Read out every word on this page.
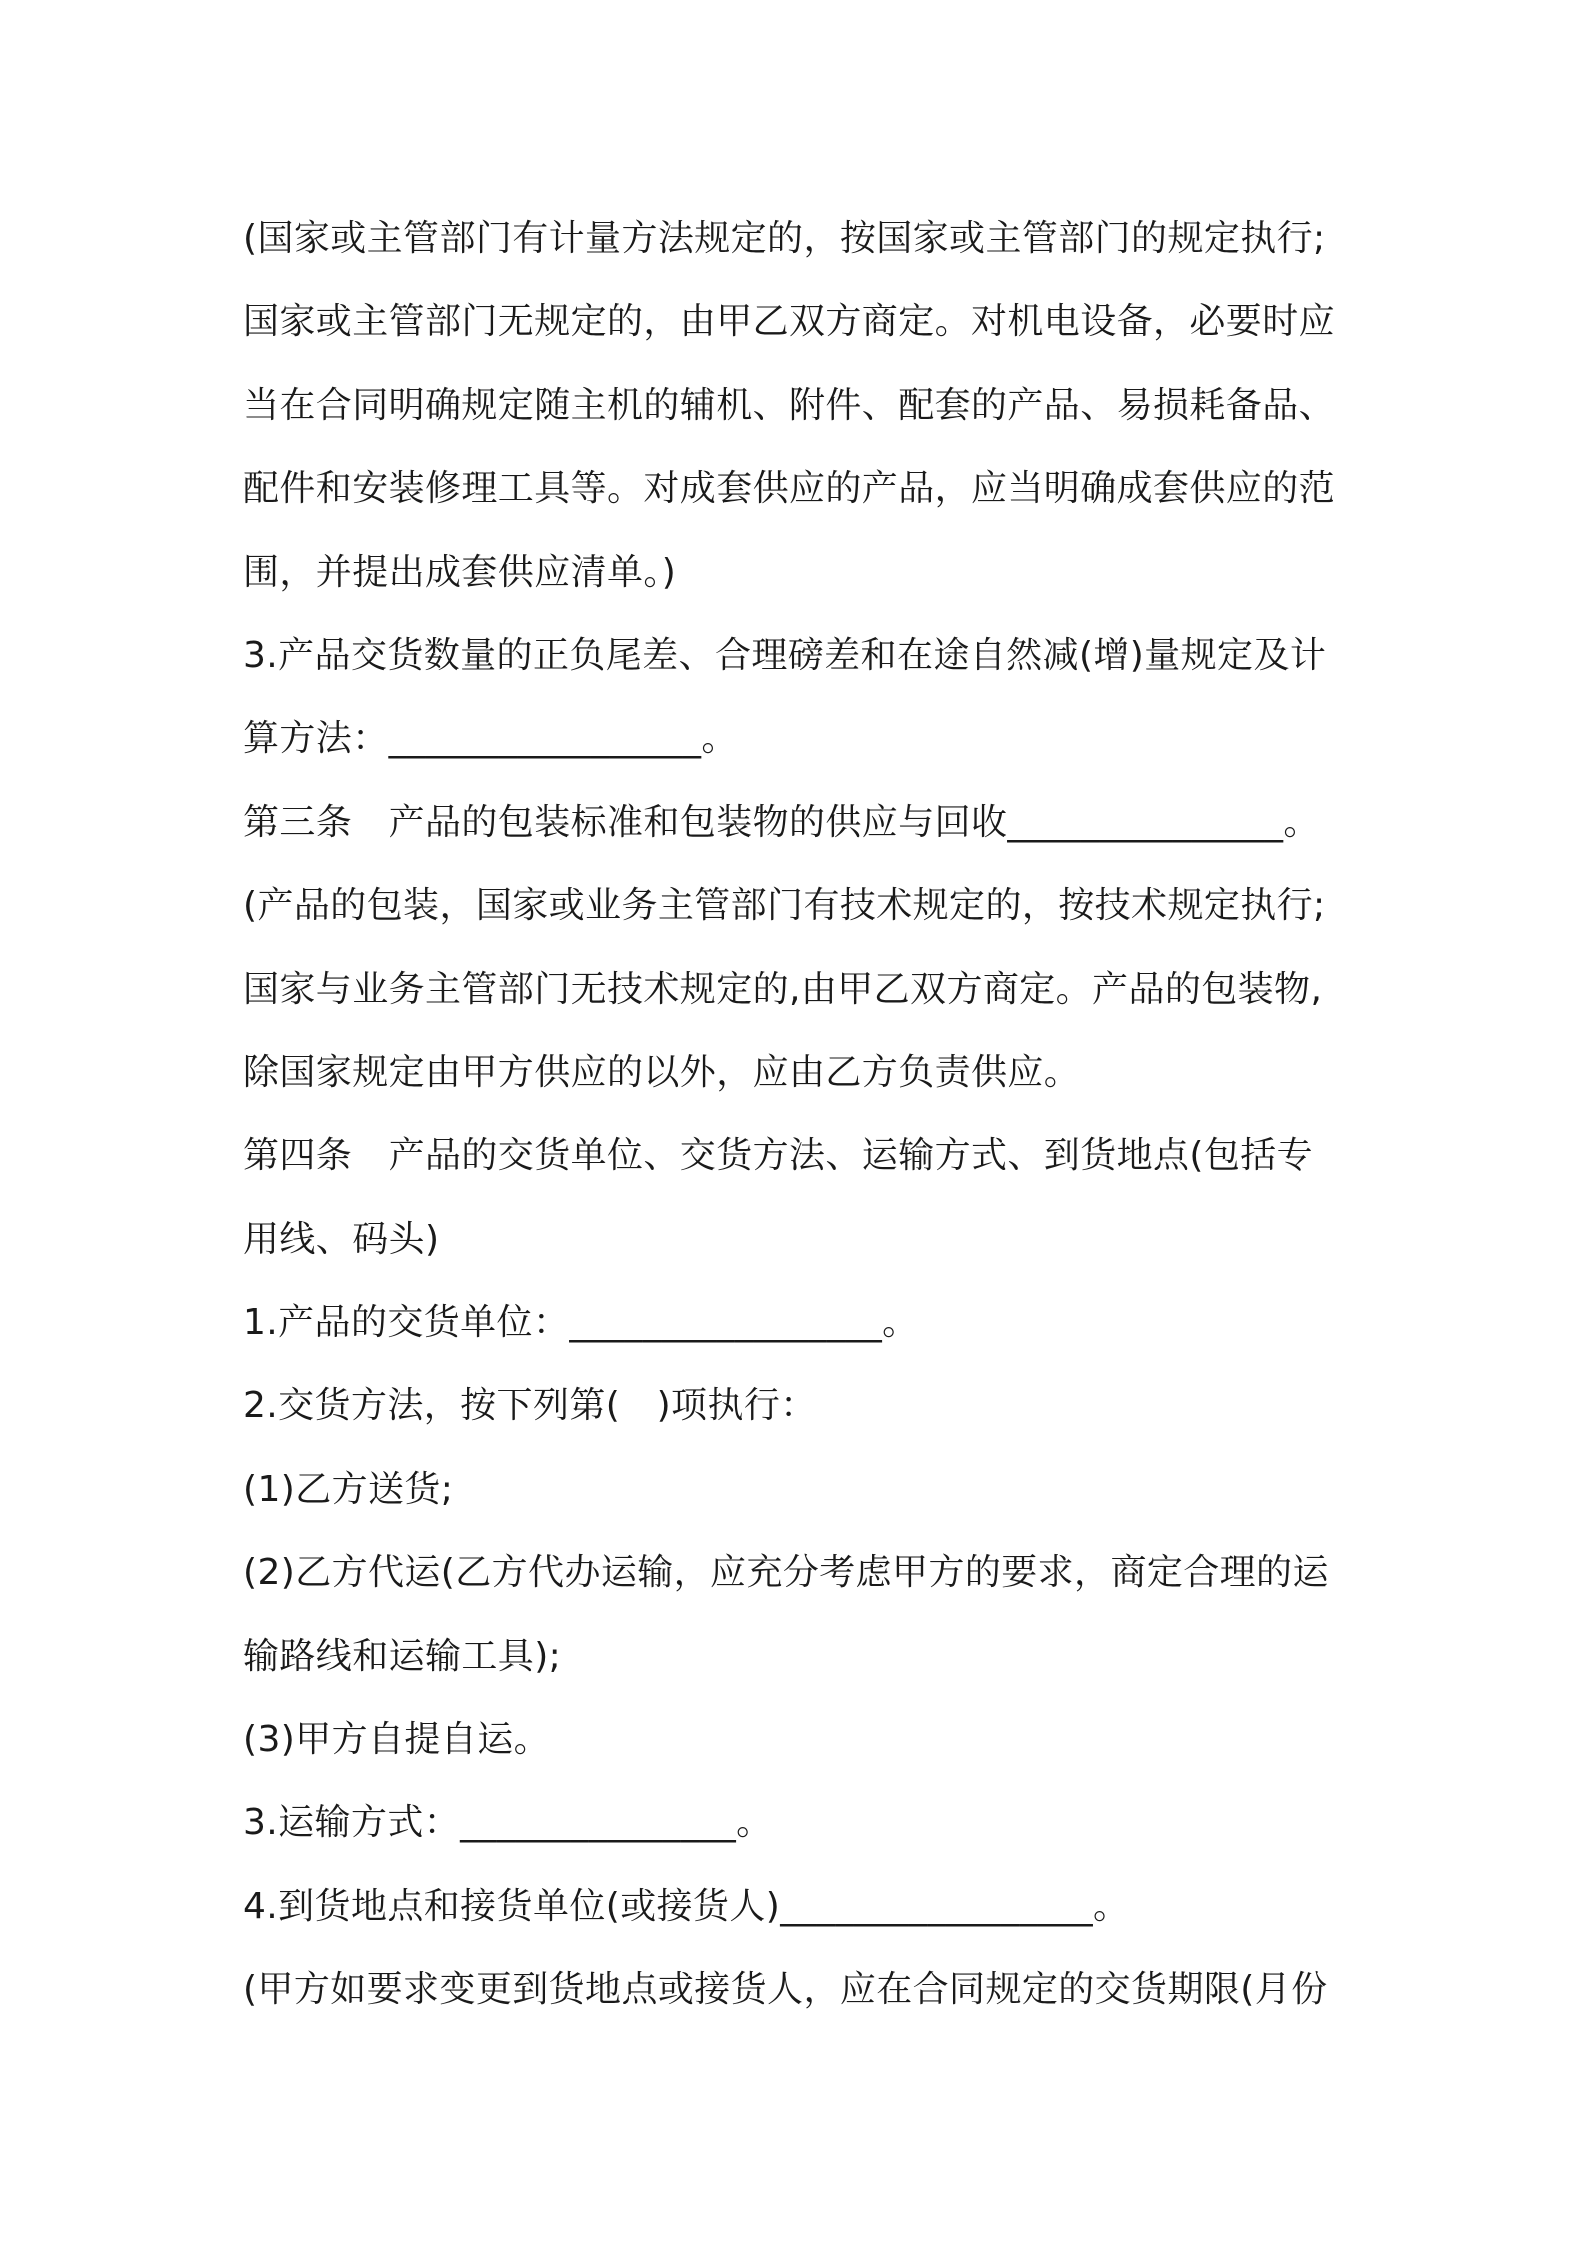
(国家或主管部门有计量方法规定的，按国家或主管部门的规定执行;
国家或主管部门无规定的，由甲乙双方商定。对机电设备，必要时应
当在合同明确规定随主机的辅机、附件、配套的产品、易损耗备品、
配件和安装修理工具等。对成套供应的产品，应当明确成套供应的范
围，并提出成套供应清单。)
3.产品交货数量的正负尾差、合理磅差和在途自然减(增)量规定及计
算方法：_________________。
第三条　产品的包装标准和包装物的供应与回收_______________。
(产品的包装，国家或业务主管部门有技术规定的，按技术规定执行;
国家与业务主管部门无技术规定的,由甲乙双方商定。产品的包装物,
除国家规定由甲方供应的以外，应由乙方负责供应。
第四条　产品的交货单位、交货方法、运输方式、到货地点(包括专
用线、码头)
1.产品的交货单位：_________________。
2.交货方法，按下列第(　)项执行：
(1)乙方送货;
(2)乙方代运(乙方代办运输，应充分考虑甲方的要求，商定合理的运
输路线和运输工具);
(3)甲方自提自运。
3.运输方式：_______________。
4.到货地点和接货单位(或接货人)_________________。
(甲方如要求变更到货地点或接货人，应在合同规定的交货期限(月份
